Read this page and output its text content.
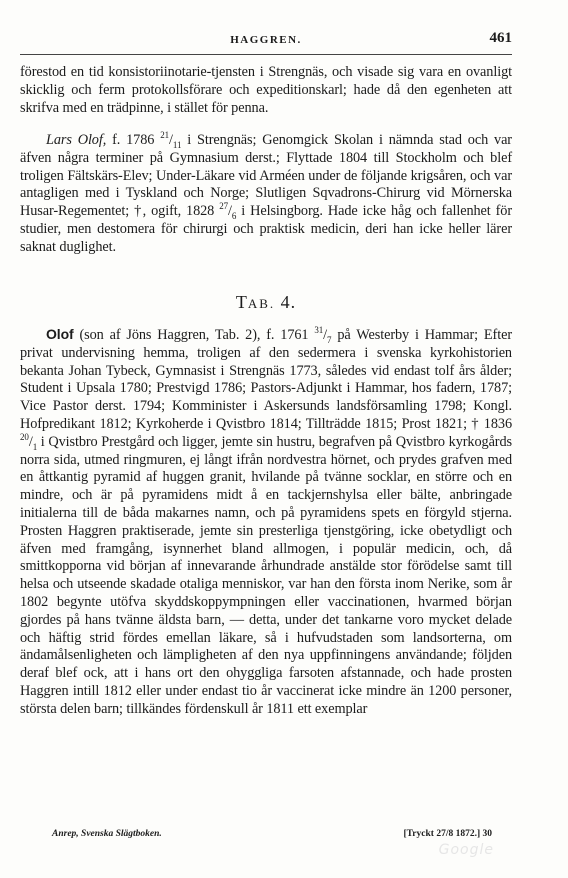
HAGGREN.	461
förestod en tid konsistoriinotarie-tjensten i Strengnäs, och visade sig vara en ovanligt skicklig och ferm protokollsförare och expeditionskarl; hade då den egenheten att skrifva med en trädpinne, i stället för penna.
Lars Olof, f. 1786 $^{21}/_{11}$ i Strengnäs; Genomgick Skolan i nämnda stad och var äfven några terminer på Gymnasium derst.; Flyttade 1804 till Stockholm och blef troligen Fältskärs-Elev; Under-Läkare vid Arméen under de följande krigsåren, och var antagligen med i Tyskland och Norge; Slutligen Sqvadrons-Chirurg vid Mörnerska Husar-Regementet; †, ogift, 1828 $^{27}/_6$ i Helsingborg. Hade icke håg och fallenhet för studier, men destomera för chirurgi och praktisk medicin, deri han icke heller lärer saknat duglighet.
TAB. 4.
Olof (son af Jöns Haggren, Tab. 2), f. 1761 $^{31}/_7$ på Westerby i Hammar; Efter privat undervisning hemma, troligen af den sedermera i svenska kyrkohistorien bekanta Johan Tybeck, Gymnasist i Strengnäs 1773, således vid endast tolf års ålder; Student i Upsala 1780; Prestvigd 1786; Pastors-Adjunkt i Hammar, hos fadern, 1787; Vice Pastor derst. 1794; Komminister i Askersunds landsförsamling 1798; Kongl. Hofpredikant 1812; Kyrkoherde i Qvistbro 1814; Tillträdde 1815; Prost 1821; † 1836 $^{20}/_1$ i Qvistbro Prestgård och ligger, jemte sin hustru, begrafven på Qvistbro kyrkogårds norra sida, utmed ringmuren, ej långt ifrån nordvestra hörnet, och prydes grafven med en åttkantig pyramid af huggen granit, hvilande på tvänne socklar, en större och en mindre, och är på pyramidens midt å en tackjernshylsa eller bälte, anbringade initialerna till de båda makarnes namn, och på pyramidens spets en förgyld stjerna. Prosten Haggren praktiserade, jemte sin presterliga tjenstgöring, icke obetydligt och äfven med framgång, isynnerhet bland allmogen, i populär medicin, och, då smittkopporna vid början af innevarande århundrade anstälde stor förödelse samt till helsa och utseende skadade otaliga menniskor, var han den första inom Nerike, som år 1802 begynte utöfva skyddskoppympningen eller vaccinationen, hvarmed början gjordes på hans tvänne äldsta barn, — detta, under det tankarne voro mycket delade och häftig strid fördes emellan läkare, så i hufvudstaden som landsorterna, om ändamålsenligheten och lämpligheten af den nya uppfinningens användande; följden deraf blef ock, att i hans ort den ohyggliga farsoten afstannade, och hade prosten Haggren intill 1812 eller under endast tio år vaccinerat icke mindre än 1200 personer, största delen barn; tillkändes fördenskull år 1811 ett exemplar
Anrep, Svenska Slägtboken.	[Tryckt 27/8 1872.] 30
Google
